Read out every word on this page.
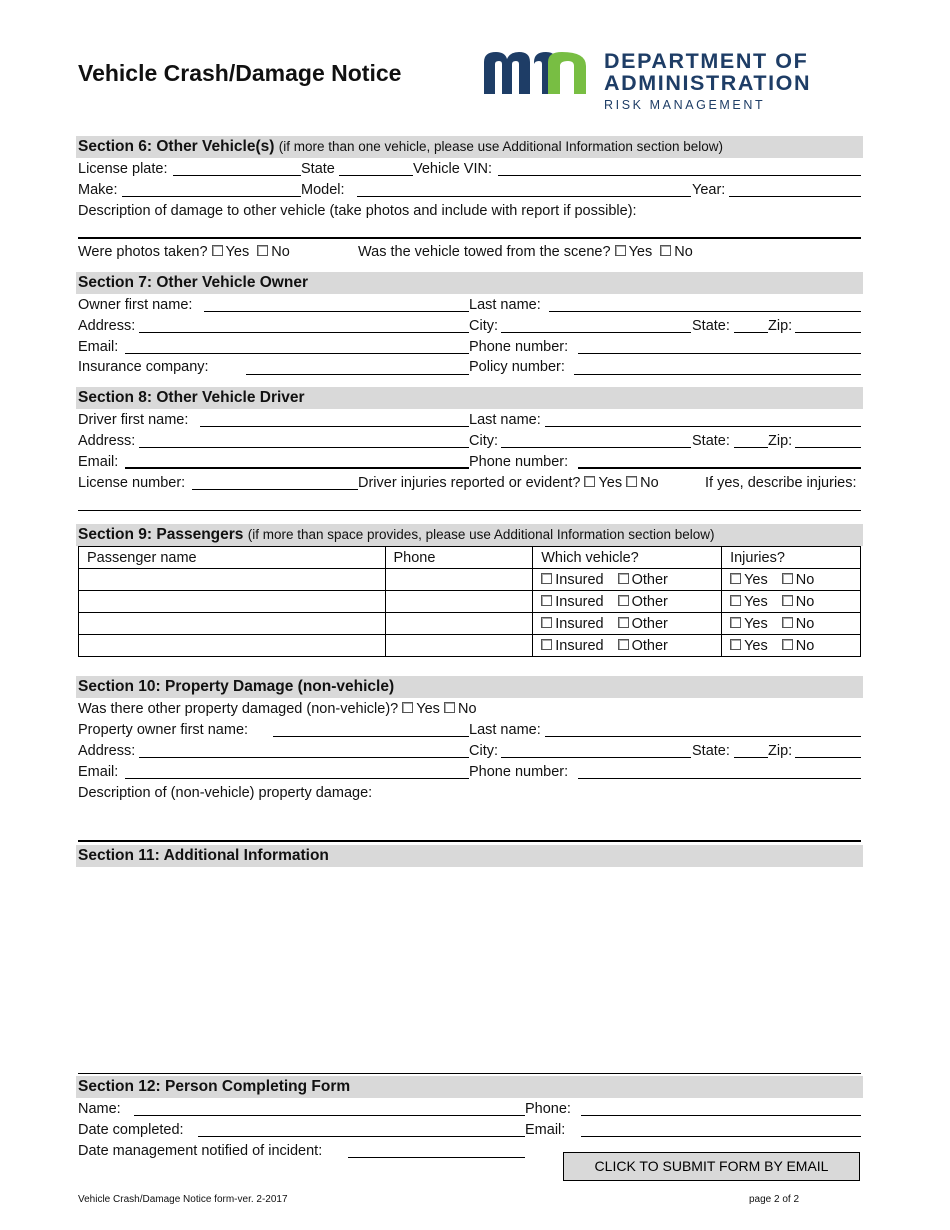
Vehicle Crash/Damage Notice	DEPARTMENT OF
ADMINISTRATION
RISK MANAGEMENT
Section 6: Other Vehicle(s) (if more than one vehicle, please use Additional Information section below)
License plate:	State	Vehicle VIN:
Make:	Model:	Year:
Description of damage to other vehicle (take photos and include with report if possible):
Were photos taken? Yes No	Was the vehicle towed from the scene? Yes No
Section 7: Other Vehicle Owner
Owner first name:	Last name:
Address:	City:	State:	Zip:
Email:	Phone number:
Insurance company:	Policy number:
Section 8: Other Vehicle Driver
Driver first name:	Last name:
Address:	City:	State:	Zip:
Email:	Phone number:
License number:	Driver injuries reported or evident? Yes No	If yes, describe injuries:
Section 9: Passengers (if more than space provides, please use Additional Information section below)
Passenger name	Phone	Which vehicle?	Injuries?
		Insured Other	Yes No
		Insured Other	Yes No
		Insured Other	Yes No
		Insured Other	Yes No
Section 10: Property Damage (non-vehicle)
Was there other property damaged (non-vehicle)? Yes No
Property owner first name:	Last name:
Address:	City:	State:	Zip:
Email:	Phone number:
Description of (non-vehicle) property damage:
Section 11: Additional Information
Section 12: Person Completing Form
Name:	Phone:
Date completed:	Email:
Date management notified of incident:
CLICK TO SUBMIT FORM BY EMAIL
Vehicle Crash/Damage Notice form-ver. 2-2017	page 2 of 2
